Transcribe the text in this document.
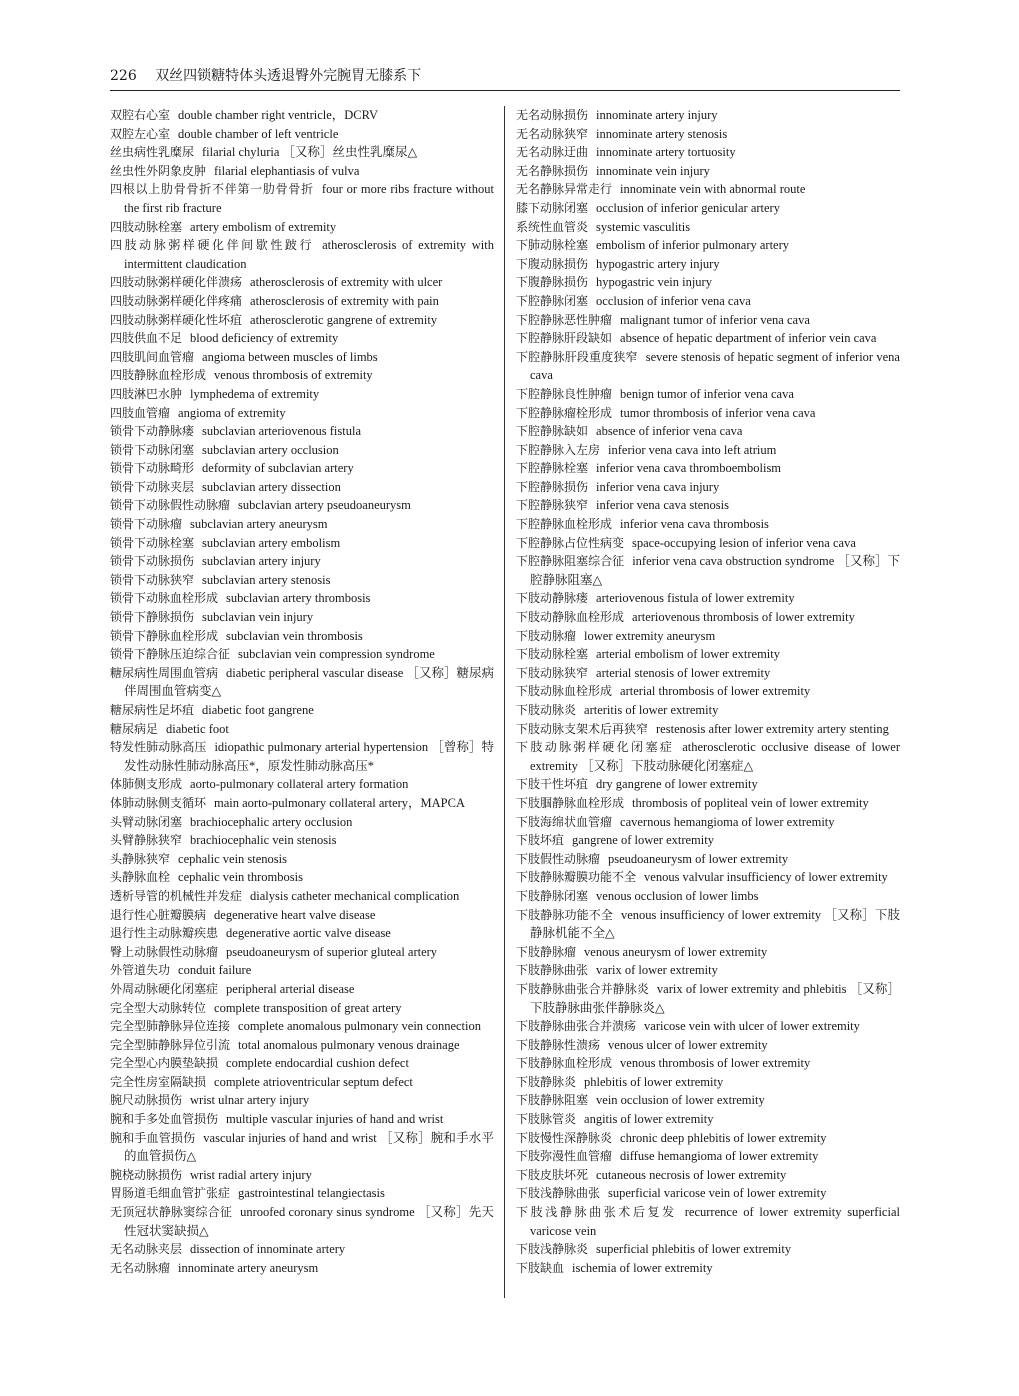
226 双丝四锁糖特体头透退臀外完腕胃无膝系下
双腔右心室 double chamber right ventricle，DCRV
双腔左心室 double chamber of left ventricle
丝虫病性乳糜尿 filarial chyluria ［又称］丝虫性乳糜尿△
丝虫性外阴象皮肿 filarial elephantiasis of vulva
四根以上肋骨骨折不伴第一肋骨骨折 four or more ribs fracture without the first rib fracture
四肢动脉栓塞 artery embolism of extremity
四肢动脉粥样硬化伴间歇性跛行 atherosclerosis of extremity with intermittent claudication
四肢动脉粥样硬化伴溃疡 atherosclerosis of extremity with ulcer
四肢动脉粥样硬化伴疼痛 atherosclerosis of extremity with pain
四肢动脉粥样硬化性坏疽 atherosclerotic gangrene of extremity
四肢供血不足 blood deficiency of extremity
四肢肌间血管瘤 angioma between muscles of limbs
四肢静脉血栓形成 venous thrombosis of extremity
四肢淋巴水肿 lymphedema of extremity
四肢血管瘤 angioma of extremity
锁骨下动静脉瘘 subclavian arteriovenous fistula
锁骨下动脉闭塞 subclavian artery occlusion
锁骨下动脉畸形 deformity of subclavian artery
锁骨下动脉夹层 subclavian artery dissection
锁骨下动脉假性动脉瘤 subclavian artery pseudoaneurysm
锁骨下动脉瘤 subclavian artery aneurysm
锁骨下动脉栓塞 subclavian artery embolism
锁骨下动脉损伤 subclavian artery injury
锁骨下动脉狭窄 subclavian artery stenosis
锁骨下动脉血栓形成 subclavian artery thrombosis
锁骨下静脉损伤 subclavian vein injury
锁骨下静脉血栓形成 subclavian vein thrombosis
锁骨下静脉压迫综合征 subclavian vein compression syndrome
糖尿病性周围血管病 diabetic peripheral vascular disease ［又称］糖尿病伴周围血管病变△
糖尿病性足坏疽 diabetic foot gangrene
糖尿病足 diabetic foot
特发性肺动脉高压 idiopathic pulmonary arterial hypertension ［曾称］特发性动脉性肺动脉高压*，原发性肺动脉高压*
体肺侧支形成 aorto-pulmonary collateral artery formation
体肺动脉侧支循环 main aorto-pulmonary collateral artery，MAPCA
头臂动脉闭塞 brachiocephalic artery occlusion
头臂静脉狭窄 brachiocephalic vein stenosis
头静脉狭窄 cephalic vein stenosis
头静脉血栓 cephalic vein thrombosis
透析导管的机械性并发症 dialysis catheter mechanical complication
退行性心脏瓣膜病 degenerative heart valve disease
退行性主动脉瓣疾患 degenerative aortic valve disease
臀上动脉假性动脉瘤 pseudoaneurysm of superior gluteal artery
外管道失功 conduit failure
外周动脉硬化闭塞症 peripheral arterial disease
完全型大动脉转位 complete transposition of great artery
完全型肺静脉异位连接 complete anomalous pulmonary vein connection
完全型肺静脉异位引流 total anomalous pulmonary venous drainage
完全型心内膜垫缺损 complete endocardial cushion defect
完全性房室隔缺损 complete atrioventricular septum defect
腕尺动脉损伤 wrist ulnar artery injury
腕和手多处血管损伤 multiple vascular injuries of hand and wrist
腕和手血管损伤 vascular injuries of hand and wrist ［又称］腕和手水平的血管损伤△
腕桡动脉损伤 wrist radial artery injury
胃肠道毛细血管扩张症 gastrointestinal telangiectasis
无顶冠状静脉窦综合征 unroofed coronary sinus syndrome ［又称］先天性冠状窦缺损△
无名动脉夹层 dissection of innominate artery
无名动脉瘤 innominate artery aneurysm
无名动脉损伤 innominate artery injury
无名动脉狭窄 innominate artery stenosis
无名动脉迂曲 innominate artery tortuosity
无名静脉损伤 innominate vein injury
无名静脉异常走行 innominate vein with abnormal route
膝下动脉闭塞 occlusion of inferior genicular artery
系统性血管炎 systemic vasculitis
下肺动脉栓塞 embolism of inferior pulmonary artery
下腹动脉损伤 hypogastric artery injury
下腹静脉损伤 hypogastric vein injury
下腔静脉闭塞 occlusion of inferior vena cava
下腔静脉恶性肿瘤 malignant tumor of inferior vena cava
下腔静脉肝段缺如 absence of hepatic department of inferior vein cava
下腔静脉肝段重度狭窄 severe stenosis of hepatic segment of inferior vena cava
下腔静脉良性肿瘤 benign tumor of inferior vena cava
下腔静脉瘤栓形成 tumor thrombosis of inferior vena cava
下腔静脉缺如 absence of inferior vena cava
下腔静脉入左房 inferior vena cava into left atrium
下腔静脉栓塞 inferior vena cava thromboembolism
下腔静脉损伤 inferior vena cava injury
下腔静脉狭窄 inferior vena cava stenosis
下腔静脉血栓形成 inferior vena cava thrombosis
下腔静脉占位性病变 space-occupying lesion of inferior vena cava
下腔静脉阻塞综合征 inferior vena cava obstruction syndrome ［又称］下腔静脉阻塞△
下肢动静脉瘘 arteriovenous fistula of lower extremity
下肢动静脉血栓形成 arteriovenous thrombosis of lower extremity
下肢动脉瘤 lower extremity aneurysm
下肢动脉栓塞 arterial embolism of lower extremity
下肢动脉狭窄 arterial stenosis of lower extremity
下肢动脉血栓形成 arterial thrombosis of lower extremity
下肢动脉炎 arteritis of lower extremity
下肢动脉支架术后再狭窄 restenosis after lower extremity artery stenting
下肢动脉粥样硬化闭塞症 atherosclerotic occlusive disease of lower extremity ［又称］下肢动脉硬化闭塞症△
下肢干性坏疽 dry gangrene of lower extremity
下肢腘静脉血栓形成 thrombosis of popliteal vein of lower extremity
下肢海绵状血管瘤 cavernous hemangioma of lower extremity
下肢坏疽 gangrene of lower extremity
下肢假性动脉瘤 pseudoaneurysm of lower extremity
下肢静脉瓣膜功能不全 venous valvular insufficiency of lower extremity
下肢静脉闭塞 venous occlusion of lower limbs
下肢静脉功能不全 venous insufficiency of lower extremity ［又称］下肢静脉机能不全△
下肢静脉瘤 venous aneurysm of lower extremity
下肢静脉曲张 varix of lower extremity
下肢静脉曲张合并静脉炎 varix of lower extremity and phlebitis ［又称］下肢静脉曲张伴静脉炎△
下肢静脉曲张合并溃疡 varicose vein with ulcer of lower extremity
下肢静脉性溃疡 venous ulcer of lower extremity
下肢静脉血栓形成 venous thrombosis of lower extremity
下肢静脉炎 phlebitis of lower extremity
下肢静脉阻塞 vein occlusion of lower extremity
下肢脉管炎 angitis of lower extremity
下肢慢性深静脉炎 chronic deep phlebitis of lower extremity
下肢弥漫性血管瘤 diffuse hemangioma of lower extremity
下肢皮肤坏死 cutaneous necrosis of lower extremity
下肢浅静脉曲张 superficial varicose vein of lower extremity
下肢浅静脉曲张术后复发 recurrence of lower extremity superficial varicose vein
下肢浅静脉炎 superficial phlebitis of lower extremity
下肢缺血 ischemia of lower extremity
